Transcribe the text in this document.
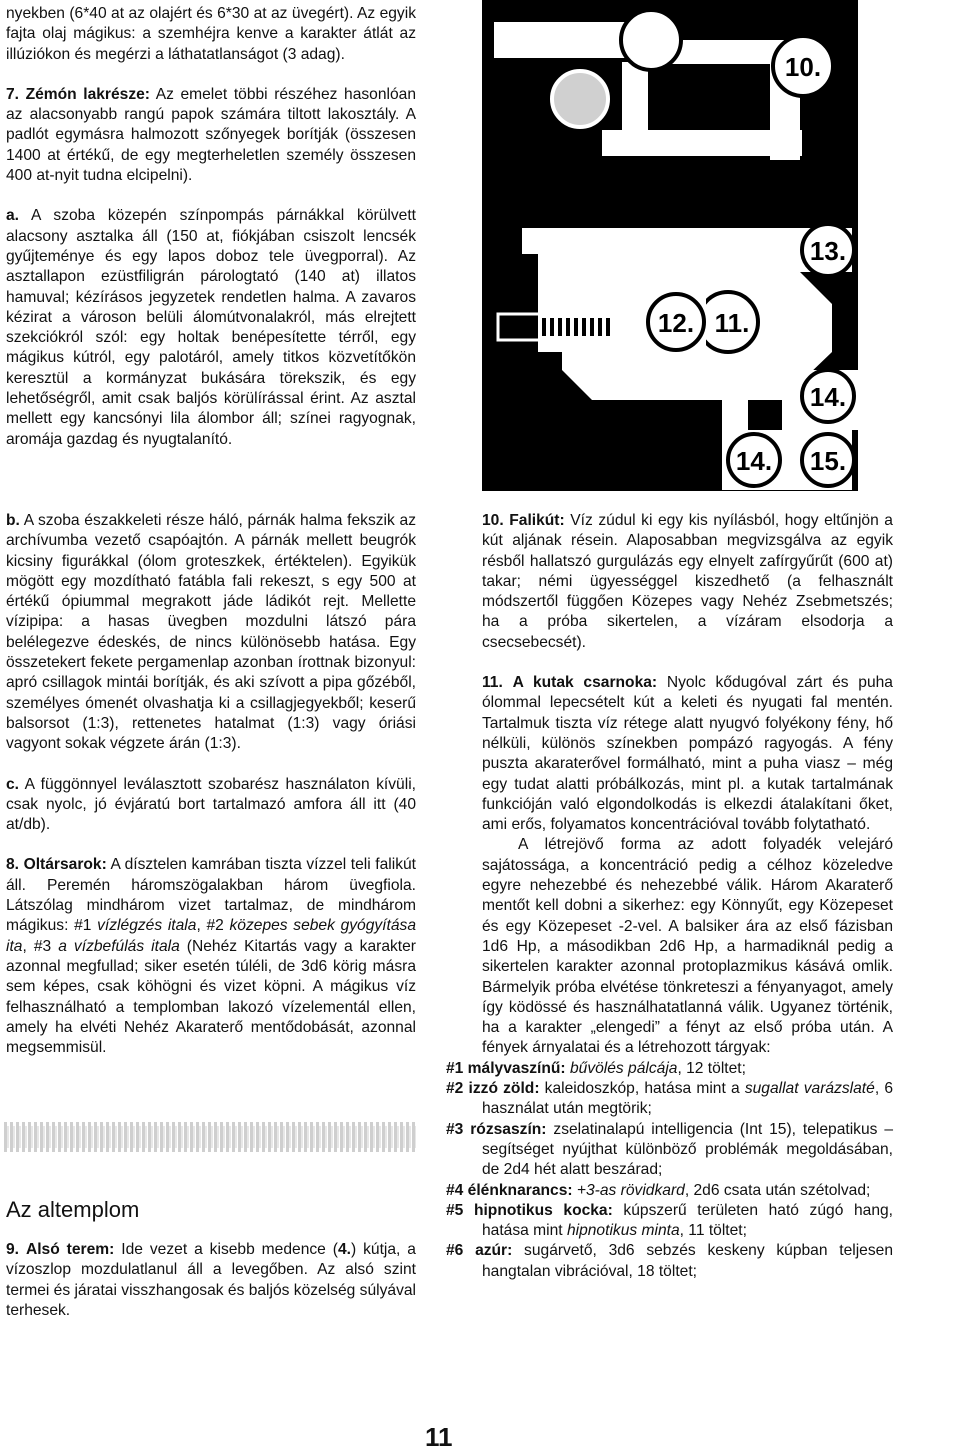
nyekben (6*40 at az olajért és 6*30 at az üvegért). Az egyik fajta olaj mágikus: a szemhéjra kenve a karakter átlát az illúziókon és megérzi a láthatatlanságot (3 adag).

7. Zémón lakrésze: Az emelet többi részéhez hasonlóan az alacsonyabb rangú papok számára tiltott lakosztály. A padlót egymásra halmozott szőnyegek borítják (összesen 1400 at értékű, de egy megterheletlen személy összesen 400 at-nyit tudna elcipelni).

a. A szoba közepén színpompás párnákkal körülvett alacsony asztalka áll (150 at, fiókjában csiszolt lencsék gyűjteménye és egy lapos doboz tele üvegporral). Az asztallapon ezüstfiligrán párologtató (140 at) illatos hamuval; kézírásos jegyzetek rendetlen halma. A zavaros kézirat a városon belüli álomútvonalakról, más elrejtett szekciókról szól: egy holtak benépesítette térről, egy mágikus kútról, egy palotáról, amely titkos közvetítőkön keresztül a kormányzat bukására törekszik, és egy lehetőségről, amit csak baljós körülírással érint. Az asztal mellett egy kancsónyi lila álombor áll; színei ragyognak, aromája gazdag és nyugtalanító.

b. A szoba északkeleti része háló, párnák halma fekszik az archívumba vezető csapóajtón. A párnák mellett beugrók kicsiny figurákkal (ólom groteszkek, értéktelen). Egyikük mögött egy mozdítható fatábla fali rekeszt, s egy 500 at értékű ópiummal megrakott jáde ládikót rejt. Mellette vízipipa: a hasas üvegben mozdulni látszó pára belélegezve édeskés, de nincs különösebb hatása. Egy összetekert fekete pergamenlap azonban írottnak bizonyul: apró csillagok mintái borítják, és aki szívott a pipa gőzéből, személyes ómenét olvashatja ki a csillagjegyekből; keserű balsorsot (1:3), rettenetes hatalmat (1:3) vagy óriási vagyont sokak végzete árán (1:3).

c. A függönnyel leválasztott szobarész használaton kívüli, csak nyolc, jó évjáratú bort tartalmazó amfora áll itt (40 at/db).

8. Oltársarok: A dísztelen kamrában tiszta vízzel teli falikút áll. Peremén háromszögalakban három üvegfiola. Látszólag mindhárom vizet tartalmaz, de mindhárom mágikus: #1 vízlégzés itala, #2 közepes sebek gyógyítása ita, #3 a vízbefúlás itala (Nehéz Kitartás vagy a karakter azonnal megfullad; siker esetén túléli, de 3d6 körig másra sem képes, csak köhögni és vizet köpni. A mágikus víz felhasználható a templomban lakozó vízelementál ellen, amely ha elvéti Nehéz Akaraterő mentődobását, azonnal megsemmisül.

Az altemplom

9. Alsó terem: Ide vezet a kisebb medence (4.) kútja, a vízoszlop mozdulatlanul áll a levegőben. Az alsó szint termei és járatai visszhangosak és baljós közelség súlyával terhesek.

9.
10.
13.
12. 11.
14.
14. 15.

10. Falikút: Víz zúdul ki egy kis nyílásból, hogy eltűnjön a kút aljának résein. Alaposabban megvizsgálva az egyik résből hallatszó gurgulázás egy elnyelt zafírgyűrűt (600 at) takar; némi ügyességgel kiszedhető (a felhasznált módszertől függően Közepes vagy Nehéz Zsebmetszés; ha a próba sikertelen, a vízáram elsodorja a csecsebecsét).

11. A kutak csarnoka: Nyolc kődugóval zárt és puha ólommal lepecsételt kút a keleti és nyugati fal mentén. Tartalmuk tiszta víz rétege alatt nyugvó folyékony fény, hő nélküli, különös színekben pompázó ragyogás. A fény puszta akaraterővel formálható, mint a puha viasz – még egy tudat alatti próbálkozás, mint pl. a kutak tartalmának funkcióján való elgondolkodás is elkezdi átalakítani őket, ami erős, folyamatos koncentrációval tovább folytatható.

A létrejövő forma az adott folyadék velejáró sajátossága, a koncentráció pedig a célhoz közeledve egyre nehezebbé és nehezebbé válik. Három Akaraterő mentőt kell dobni a sikerhez: egy Könnyűt, egy Közepeset és egy Közepeset -2-vel. A balsiker ára az első fázisban 1d6 Hp, a másodikban 2d6 Hp, a harmadiknál pedig a sikertelen karakter azonnal protoplazmikus kásává omlik. Bármelyik próba elvétése tönkreteszi a fényanyagot, amely így ködössé és használhatatlanná válik. Ugyanez történik, ha a karakter „elengedi” a fényt az első próba után. A fények árnyalatai és a létrehozott tárgyak:

#1 mályvaszínű: bűvölés pálcája, 12 töltet;

#2 izzó zöld: kaleidoszkóp, hatása mint a sugallat varázslaté, 6 használat után megtörik;

#3 rózsaszín: zselatinalapú intelligencia (Int 15), telepatikus – segítséget nyújthat különböző problémák megoldásában, de 2d4 hét alatt beszárad;

#4 élénknarancs: +3-as rövidkard, 2d6 csata után szétolvad;

#5 hipnotikus kocka: kúpszerű területen ható zúgó hang, hatása mint hipnotikus minta, 11 töltet;

#6 azúr: sugárvető, 3d6 sebzés keskeny kúpban teljesen hangtalan vibrációval, 18 töltet;

11
